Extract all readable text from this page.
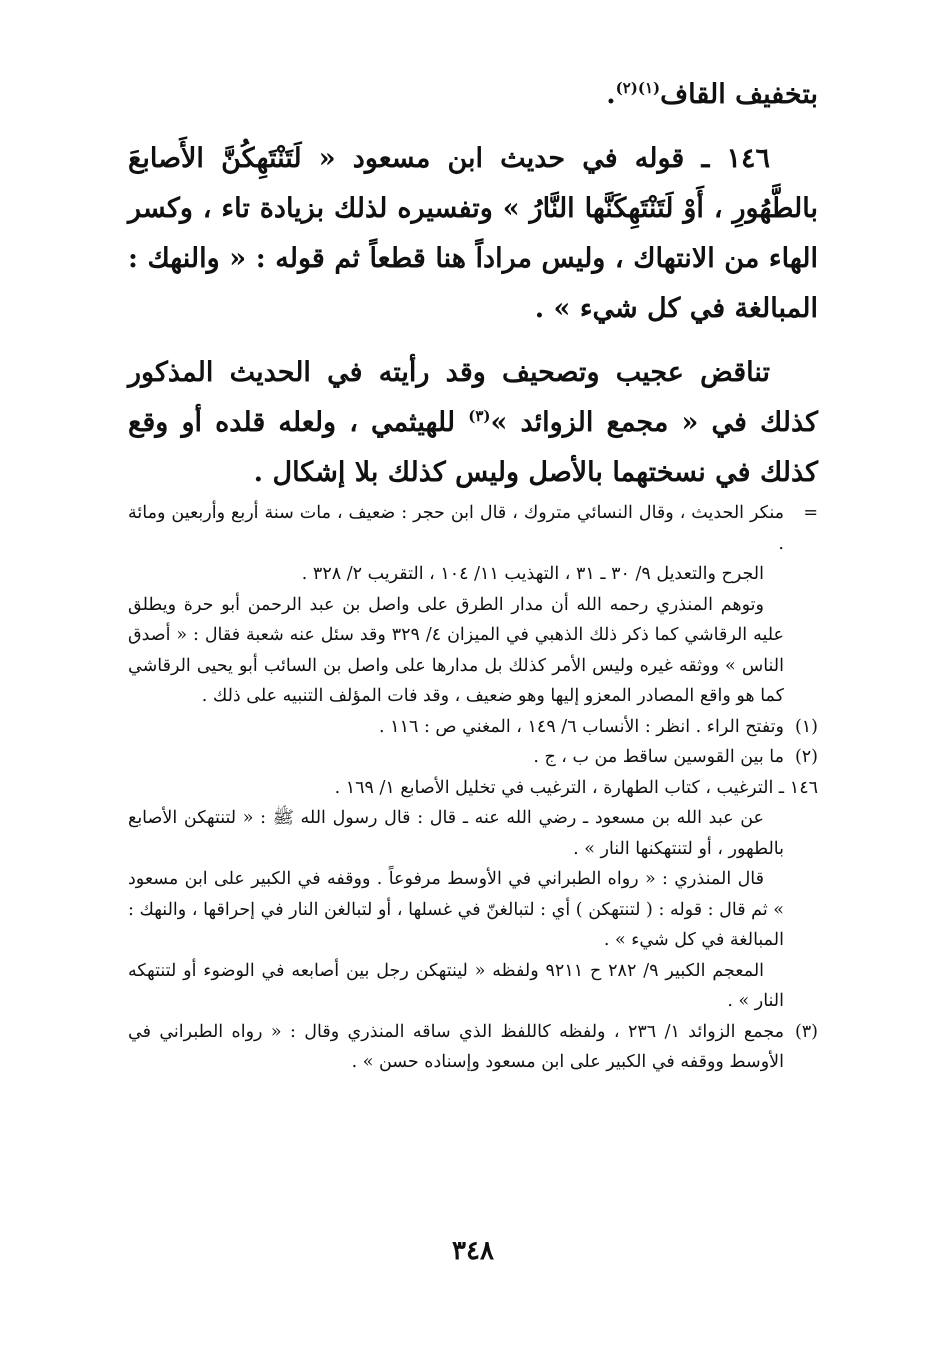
بتخفيف القاف$^{(١)(٢)}$.

١٤٦ ـ قوله في حديث ابن مسعود « لَتَنْتَهِكُنَّ الأَصابعَ بالطَّهُورِ ، أَوْ لَتَنْتَهِكَنَّها النَّارُ » وتفسيره لذلك بزيادة تاء ، وكسر الهاء من الانتهاك ، وليس مراداً هنا قطعاً ثم قوله : « والنهك : المبالغة في كل شيء » .

تناقض عجيب وتصحيف وقد رأيته في الحديث المذكور كذلك في « مجمع الزوائد »$^{(٣)}$ للهيثمي ، ولعله قلده أو وقع كذلك في نسختهما بالأصل وليس كذلك بلا إشكال .

=

منكر الحديث ، وقال النسائي متروك ، قال ابن حجر : ضعيف ، مات سنة أربع وأربعين ومائة .

الجرح والتعديل ٩/ ٣٠ ـ ٣١ ، التهذيب ١١/ ١٠٤ ، التقريب ٢/ ٣٢٨ .

وتوهم المنذري رحمه الله أن مدار الطرق على واصل بن عبد الرحمن أبو حرة ويطلق عليه الرقاشي كما ذكر ذلك الذهبي في الميزان ٤/ ٣٢٩ وقد سئل عنه شعبة فقال : « أصدق الناس » ووثقه غيره وليس الأمر كذلك بل مدارها على واصل بن السائب أبو يحيى الرقاشي كما هو واقع المصادر المعزو إليها وهو ضعيف ، وقد فات المؤلف التنبيه على ذلك .

(١)

وتفتح الراء . انظر : الأنساب ٦/ ١٤٩ ، المغني ص : ١١٦ .

(٢)

ما بين القوسين ساقط من ب ، ج .

١٤٦

ـ الترغيب ، كتاب الطهارة ، الترغيب في تخليل الأصابع ١/ ١٦٩ .

عن عبد الله بن مسعود ـ رضي الله عنه ـ قال : قال رسول الله ﷺ : « لتنتهكن الأصابع بالطهور ، أو لتنتهكنها النار » .

قال المنذري : « رواه الطبراني في الأوسط مرفوعاً . ووقفه في الكبير على ابن مسعود » ثم قال : قوله : ( لتنتهكن ) أي : لتبالغنّ في غسلها ، أو لتبالغن النار في إحراقها ، والنهك : المبالغة في كل شيء » .

المعجم الكبير ٩/ ٢٨٢ ح ٩٢١١ ولفظه « لينتهكن رجل بين أصابعه في الوضوء أو لتنتهكه النار » .

(٣)

مجمع الزوائد ١/ ٢٣٦ ، ولفظه كاللفظ الذي ساقه المنذري وقال : « رواه الطبراني في الأوسط ووقفه في الكبير على ابن مسعود وإسناده حسن » .

٣٤٨
